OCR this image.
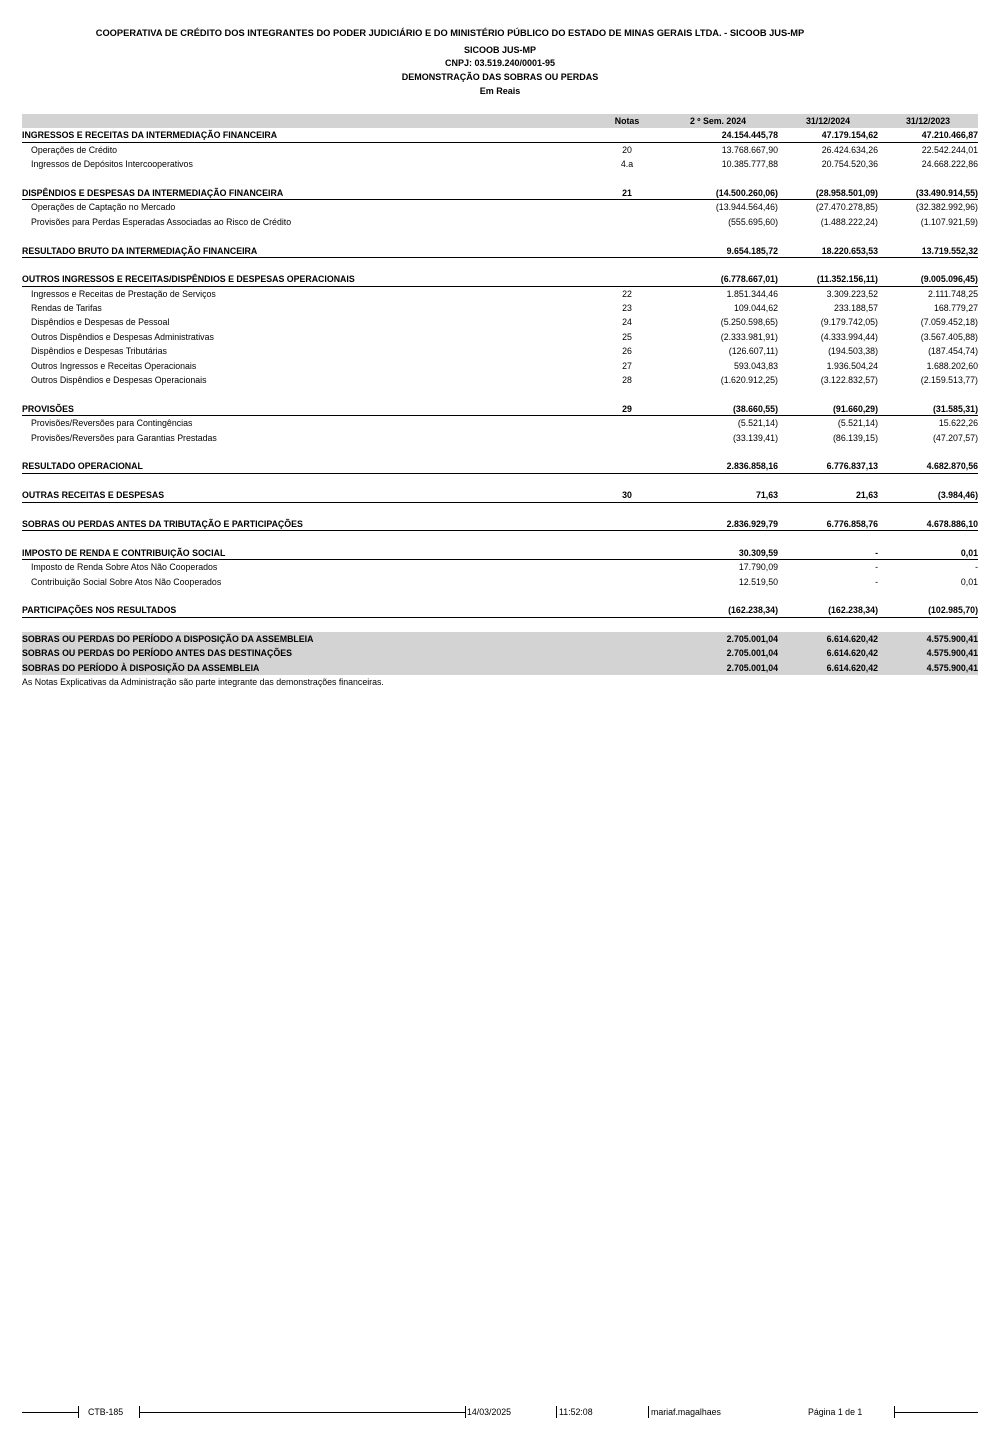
COOPERATIVA DE CRÉDITO DOS INTEGRANTES DO PODER JUDICIÁRIO E DO MINISTÉRIO PÚBLICO DO ESTADO DE MINAS GERAIS LTDA. - SICOOB JUS-MP
SICOOB JUS-MP
CNPJ: 03.519.240/0001-95
DEMONSTRAÇÃO DAS SOBRAS OU PERDAS
Em Reais
Notas	2 º Sem. 2024	31/12/2024	31/12/2023
INGRESSOS E RECEITAS DA INTERMEDIAÇÃO FINANCEIRA	24.154.445,78	47.179.154,62	47.210.466,87
Operações de Crédito	20	13.768.667,90	26.424.634,26	22.542.244,01
Ingressos de Depósitos Intercooperativos	4.a	10.385.777,88	20.754.520,36	24.668.222,86
DISPÊNDIOS E DESPESAS DA INTERMEDIAÇÃO FINANCEIRA	21	(14.500.260,06)	(28.958.501,09)	(33.490.914,55)
Operações de Captação no Mercado	(13.944.564,46)	(27.470.278,85)	(32.382.992,96)
Provisões para Perdas Esperadas Associadas ao Risco de Crédito	(555.695,60)	(1.488.222,24)	(1.107.921,59)
RESULTADO BRUTO DA INTERMEDIAÇÃO FINANCEIRA	9.654.185,72	18.220.653,53	13.719.552,32
OUTROS INGRESSOS E RECEITAS/DISPÊNDIOS E DESPESAS OPERACIONAIS	(6.778.667,01)	(11.352.156,11)	(9.005.096,45)
Ingressos e Receitas de Prestação de Serviços	22	1.851.344,46	3.309.223,52	2.111.748,25
Rendas de Tarifas	23	109.044,62	233.188,57	168.779,27
Dispêndios e Despesas de Pessoal	24	(5.250.598,65)	(9.179.742,05)	(7.059.452,18)
Outros Dispêndios e Despesas Administrativas	25	(2.333.981,91)	(4.333.994,44)	(3.567.405,88)
Dispêndios e Despesas Tributárias	26	(126.607,11)	(194.503,38)	(187.454,74)
Outros Ingressos e Receitas Operacionais	27	593.043,83	1.936.504,24	1.688.202,60
Outros Dispêndios e Despesas Operacionais	28	(1.620.912,25)	(3.122.832,57)	(2.159.513,77)
PROVISÕES	29	(38.660,55)	(91.660,29)	(31.585,31)
Provisões/Reversões para Contingências	(5.521,14)	(5.521,14)	15.622,26
Provisões/Reversões para Garantias Prestadas	(33.139,41)	(86.139,15)	(47.207,57)
RESULTADO OPERACIONAL	2.836.858,16	6.776.837,13	4.682.870,56
OUTRAS RECEITAS E DESPESAS	30	71,63	21,63	(3.984,46)
SOBRAS OU PERDAS ANTES DA TRIBUTAÇÃO E PARTICIPAÇÕES	2.836.929,79	6.776.858,76	4.678.886,10
IMPOSTO DE RENDA E CONTRIBUIÇÃO SOCIAL	30.309,59	-	0,01
Imposto de Renda Sobre Atos Não Cooperados	17.790,09	-	-
Contribuição Social Sobre Atos Não Cooperados	12.519,50	-	0,01
PARTICIPAÇÕES NOS RESULTADOS	(162.238,34)	(162.238,34)	(102.985,70)
SOBRAS OU PERDAS DO PERÍODO A DISPOSIÇÃO DA ASSEMBLEIA	2.705.001,04	6.614.620,42	4.575.900,41
SOBRAS OU PERDAS DO PERÍODO ANTES DAS DESTINAÇÕES	2.705.001,04	6.614.620,42	4.575.900,41
SOBRAS DO PERÍODO À DISPOSIÇÃO DA ASSEMBLEIA	2.705.001,04	6.614.620,42	4.575.900,41
As Notas Explicativas da Administração são parte integrante das demonstrações financeiras.
CTB-185	14/03/2025	11:52:08	mariaf.magalhaes	Página 1 de 1
